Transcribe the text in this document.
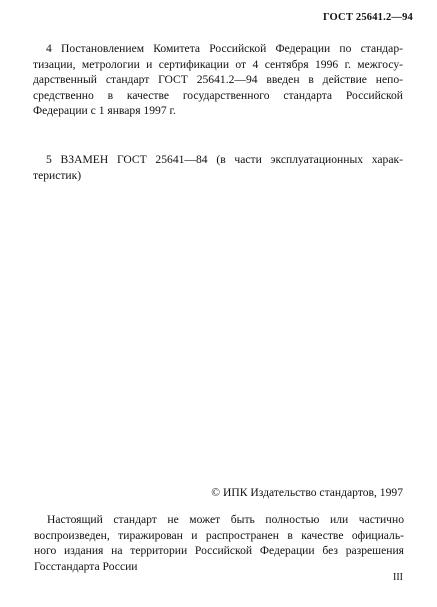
ГОСТ 25641.2—94
4 Постановлением Комитета Российской Федерации по стандар-
тизации, метрологии и сертификации от 4 сентября 1996 г. межгосу-
дарственный стандарт ГОСТ 25641.2—94 введен в действие непо-
средственно в качестве государственного стандарта Российской
Федерации с 1 января 1997 г.
5 ВЗАМЕН ГОСТ 25641—84 (в части эксплуатационных харак-
теристик)
© ИПК Издательство стандартов, 1997
Настоящий стандарт не может быть полностью или частично
воспроизведен, тиражирован и распространен в качестве официаль-
ного издания на территории Российской Федерации без разрешения
Госстандарта России
III
